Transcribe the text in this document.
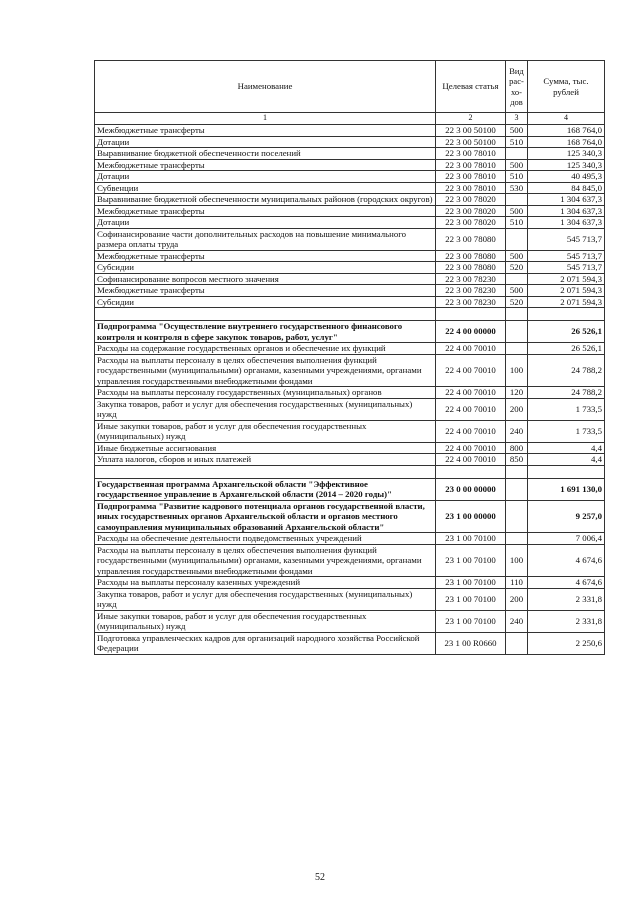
Наименование	Целевая статья	Вид рас-хо-дов	Сумма, тыс. рублей
1	2	3	4
Межбюджетные трансферты	22 3 00 50100	500	168 764,0
Дотации	22 3 00 50100	510	168 764,0
Выравнивание бюджетной обеспеченности поселений	22 3 00 78010		125 340,3
Межбюджетные трансферты	22 3 00 78010	500	125 340,3
Дотации	22 3 00 78010	510	40 495,3
Субвенции	22 3 00 78010	530	84 845,0
Выравнивание бюджетной обеспеченности муниципальных районов (городских округов)	22 3 00 78020		1 304 637,3
Межбюджетные трансферты	22 3 00 78020	500	1 304 637,3
Дотации	22 3 00 78020	510	1 304 637,3
Софинансирование части дополнительных расходов на повышение минимального размера оплаты труда	22 3 00 78080		545 713,7
Межбюджетные трансферты	22 3 00 78080	500	545 713,7
Субсидии	22 3 00 78080	520	545 713,7
Софинансирование вопросов местного значения	22 3 00 78230		2 071 594,3
Межбюджетные трансферты	22 3 00 78230	500	2 071 594,3
Субсидии	22 3 00 78230	520	2 071 594,3

Подпрограмма "Осуществление внутреннего государственного финансового контроля и контроля в сфере закупок товаров, работ, услуг"	22 4 00 00000		26 526,1
Расходы на содержание государственных органов и обеспечение их функций	22 4 00 70010		26 526,1
Расходы на выплаты персоналу в целях обеспечения выполнения функций государственными (муниципальными) органами, казенными учреждениями, органами управления государственными внебюджетными фондами	22 4 00 70010	100	24 788,2
Расходы на выплаты персоналу государственных (муниципальных) органов	22 4 00 70010	120	24 788,2
Закупка товаров, работ и услуг для обеспечения государственных (муниципальных) нужд	22 4 00 70010	200	1 733,5
Иные закупки товаров, работ и услуг для обеспечения государственных (муниципальных) нужд	22 4 00 70010	240	1 733,5
Иные бюджетные ассигнования	22 4 00 70010	800	4,4
Уплата налогов, сборов и иных платежей	22 4 00 70010	850	4,4

Государственная программа Архангельской области "Эффективное государственное управление в Архангельской области (2014 – 2020 годы)"	23 0 00 00000		1 691 130,0
Подпрограмма "Развитие кадрового потенциала органов государственной власти, иных государственных органов Архангельской области и органов местного самоуправления муниципальных образований Архангельской области"	23 1 00 00000		9 257,0
Расходы на обеспечение деятельности подведомственных учреждений	23 1 00 70100		7 006,4
Расходы на выплаты персоналу в целях обеспечения выполнения функций государственными (муниципальными) органами, казенными учреждениями, органами управления государственными внебюджетными фондами	23 1 00 70100	100	4 674,6
Расходы на выплаты персоналу казенных учреждений	23 1 00 70100	110	4 674,6
Закупка товаров, работ и услуг для обеспечения государственных (муниципальных) нужд	23 1 00 70100	200	2 331,8
Иные закупки товаров, работ и услуг для обеспечения государственных (муниципальных) нужд	23 1 00 70100	240	2 331,8
Подготовка управленческих кадров для организаций народного хозяйства Российской Федерации	23 1 00 R0660		2 250,6
52
